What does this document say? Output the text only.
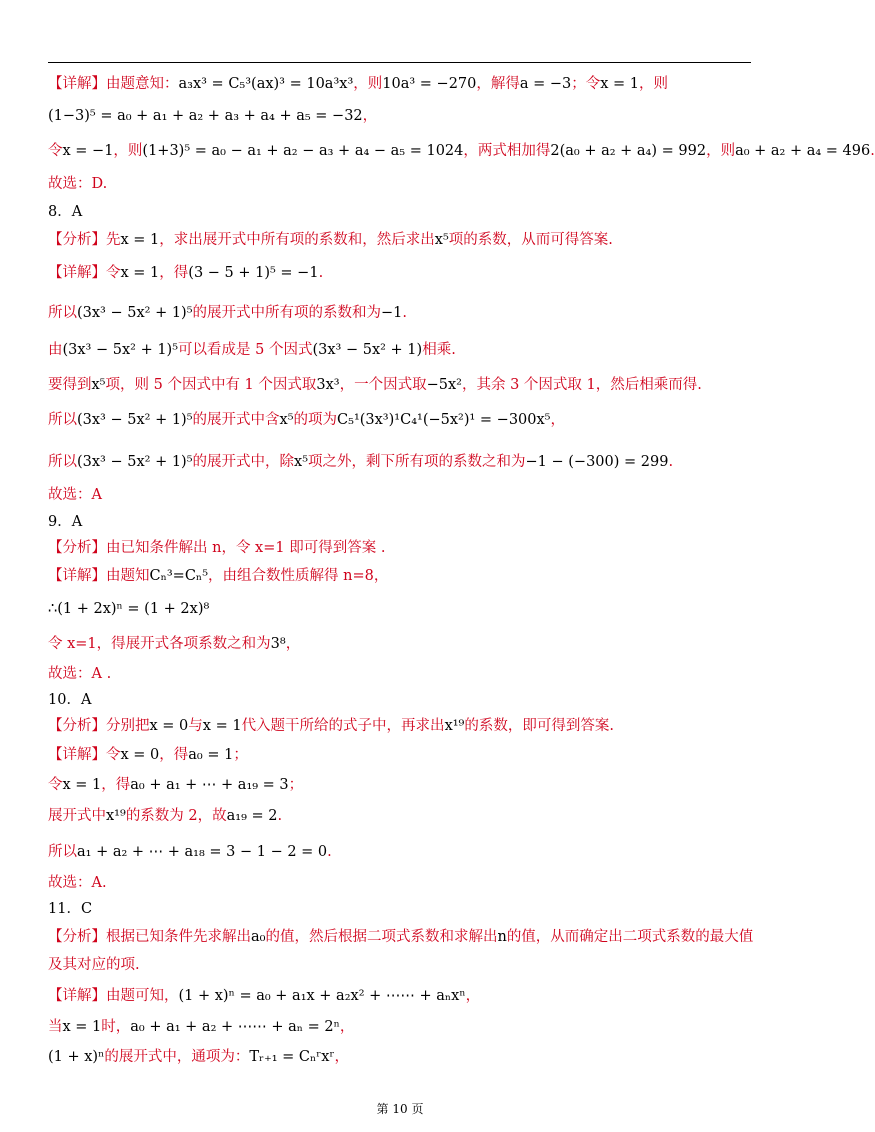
【详解】由题意知：a₃x³ = C₅³(ax)³ = 10a³x³，则10a³ = −270，解得a = −3；令x = 1，则
(1−3)⁵ = a₀ + a₁ + a₂ + a₃ + a₄ + a₅ = −32，
令x = −1，则(1+3)⁵ = a₀ − a₁ + a₂ − a₃ + a₄ − a₅ = 1024，两式相加得2(a₀ + a₂ + a₄) = 992，则a₀ + a₂ + a₄ = 496.
故选：D.
8．A
【分析】先x = 1，求出展开式中所有项的系数和，然后求出x⁵项的系数，从而可得答案.
【详解】令x = 1，得(3 − 5 + 1)⁵ = −1.
所以(3x³ − 5x² + 1)⁵的展开式中所有项的系数和为−1.
由(3x³ − 5x² + 1)⁵可以看成是 5 个因式(3x³ − 5x² + 1)相乘.
要得到x⁵项，则 5 个因式中有 1 个因式取3x³，一个因式取−5x²，其余 3 个因式取 1，然后相乘而得.
所以(3x³ − 5x² + 1)⁵的展开式中含x⁵的项为C₅¹(3x³)¹C₄¹(−5x²)¹ = −300x⁵，
所以(3x³ − 5x² + 1)⁵的展开式中，除x⁵项之外，剩下所有项的系数之和为−1 − (−300) = 299.
故选：A
9．A
【分析】由已知条件解出 n，令 x=1 即可得到答案 .
【详解】由题知Cₙ³=Cₙ⁵，由组合数性质解得 n=8，
∴(1 + 2x)ⁿ = (1 + 2x)⁸
令 x=1，得展开式各项系数之和为3⁸，
故选：A .
10．A
【分析】分别把x = 0与x = 1代入题干所给的式子中，再求出x¹⁹的系数，即可得到答案.
【详解】令x = 0，得a₀ = 1；
令x = 1，得a₀ + a₁ + ⋯ + a₁₉ = 3；
展开式中x¹⁹的系数为 2，故a₁₉ = 2.
所以a₁ + a₂ + ⋯ + a₁₈ = 3 − 1 − 2 = 0.
故选：A.
11．C
【分析】根据已知条件先求解出a₀的值，然后根据二项式系数和求解出n的值，从而确定出二项式系数的最大值
及其对应的项.
【详解】由题可知，(1 + x)ⁿ = a₀ + a₁x + a₂x² + ⋯⋯ + aₙxⁿ，
当x = 1时，a₀ + a₁ + a₂ + ⋯⋯ + aₙ = 2ⁿ，
(1 + x)ⁿ的展开式中，通项为：Tᵣ₊₁ = Cₙʳxʳ，
第 10 页
